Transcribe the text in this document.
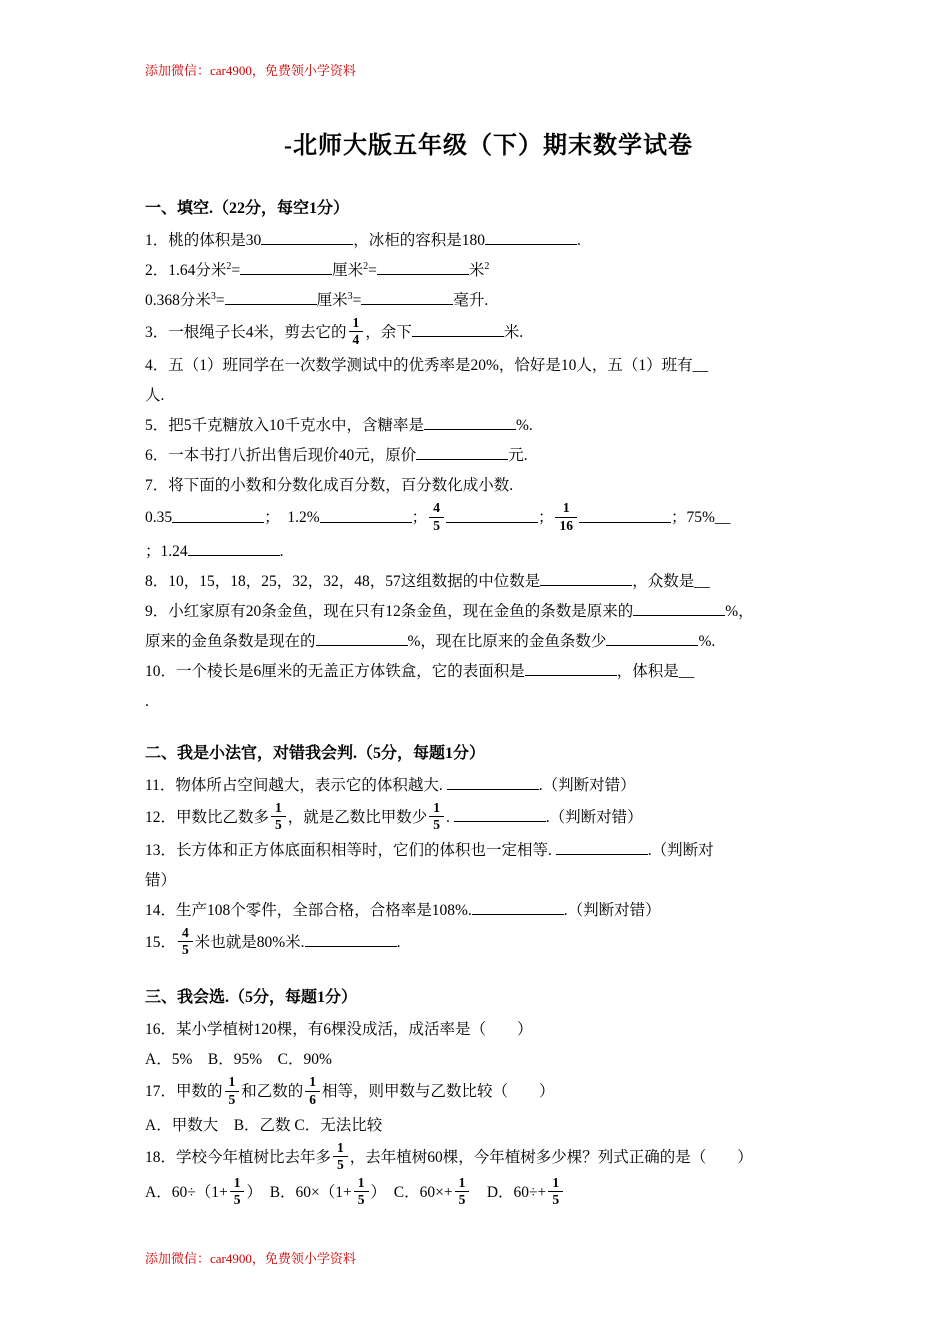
添加微信：car4900，免费领小学资料
-北师大版五年级（下）期末数学试卷
一、填空.（22分，每空1分）
1．桃的体积是30	，冰柜的容积是180	.
2．1.64分米$^2$=	厘米$^2$=	米$^2$
0.368分米$^3$=	厘米$^3$=	毫升.
3．一根绳子长4米，剪去它的 $\frac{1}{4}$ ，余下	米.
4．五（1）班同学在一次数学测试中的优秀率是20%，恰好是10人，五（1）班有__
人.
5．把5千克糖放入10千克水中，含糖率是	%.
6．一本书打八折出售后现价40元，原价	元.
7．将下面的小数和分数化成百分数，百分数化成小数.
0.35	；  1.2%	； $\frac{4}{5}$	； $\frac{1}{16}$	；75%__
；1.24	.
8．10，15，18，25，32，32，48，57这组数据的中位数是	，众数是__
9．小红家原有20条金鱼，现在只有12条金鱼，现在金鱼的条数是原来的	%，
原来的金鱼条数是现在的	%，现在比原来的金鱼条数少	%.
10．一个棱长是6厘米的无盖正方体铁盒，它的表面积是	，体积是__
.
二、我是小法官，对错我会判.（5分，每题1分）
11．物体所占空间越大，表示它的体积越大.	.（判断对错）
12．甲数比乙数多 $\frac{1}{5}$ ，就是乙数比甲数少 $\frac{1}{5}$ .	.（判断对错）
13．长方体和正方体底面积相等时，它们的体积也一定相等.	.（判断对
错）
14．生产108个零件，全部合格，合格率是108%.	.（判断对错）
15． $\frac{4}{5}$ 米也就是80%米.	.
三、我会选.（5分，每题1分）
16．某小学植树120棵，有6棵没成活，成活率是（　　）
A．5%　B．95%　C．90%
17．甲数的 $\frac{1}{5}$ 和乙数的 $\frac{1}{6}$ 相等，则甲数与乙数比较（　　）
A．甲数大　B．乙数 C．无法比较
18．学校今年植树比去年多 $\frac{1}{5}$ ，去年植树60棵，今年植树多少棵？列式正确的是（　　）
A．$60\div(1+ \frac{1}{5}$ ）　B．$60\times(1+ \frac{1}{5}$ ）　C．$60\times+ \frac{1}{5}$ 　D．$60\div+ \frac{1}{5}$
添加微信：car4900，免费领小学资料
